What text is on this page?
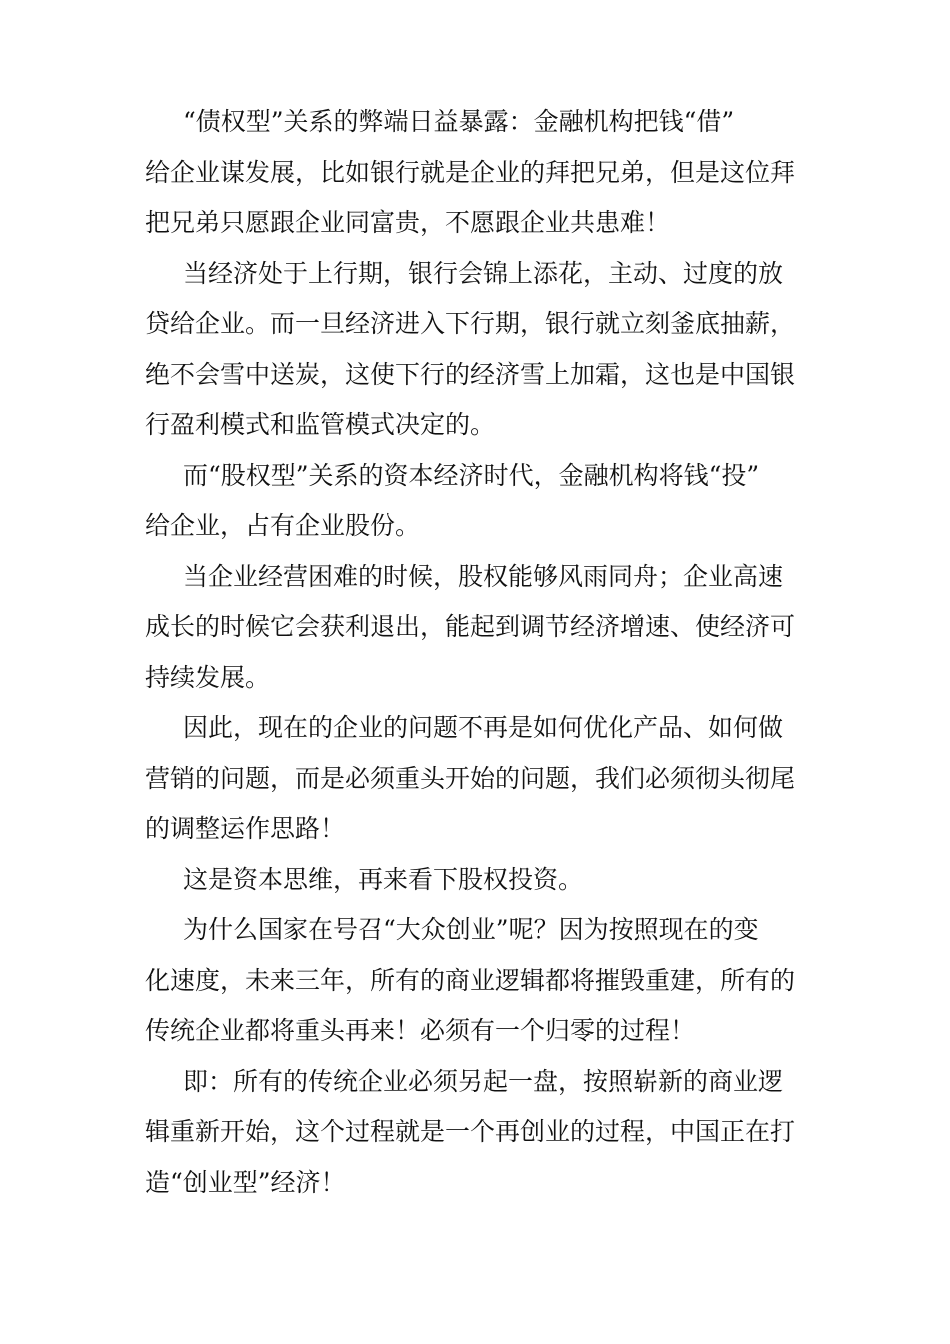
“债权型”关系的弊端日益暴露：金融机构把钱“借”
给企业谋发展，比如银行就是企业的拜把兄弟，但是这位拜
把兄弟只愿跟企业同富贵，不愿跟企业共患难！
当经济处于上行期，银行会锦上添花，主动、过度的放
贷给企业。而一旦经济进入下行期，银行就立刻釜底抽薪，
绝不会雪中送炭，这使下行的经济雪上加霜，这也是中国银
行盈利模式和监管模式决定的。
而“股权型”关系的资本经济时代，金融机构将钱“投”
给企业，占有企业股份。
当企业经营困难的时候，股权能够风雨同舟；企业高速
成长的时候它会获利退出，能起到调节经济增速、使经济可
持续发展。
因此，现在的企业的问题不再是如何优化产品、如何做
营销的问题，而是必须重头开始的问题，我们必须彻头彻尾
的调整运作思路！
这是资本思维，再来看下股权投资。
为什么国家在号召“大众创业”呢？因为按照现在的变
化速度，未来三年，所有的商业逻辑都将摧毁重建，所有的
传统企业都将重头再来！必须有一个归零的过程！
即：所有的传统企业必须另起一盘，按照崭新的商业逻
辑重新开始，这个过程就是一个再创业的过程，中国正在打
造“创业型”经济！
